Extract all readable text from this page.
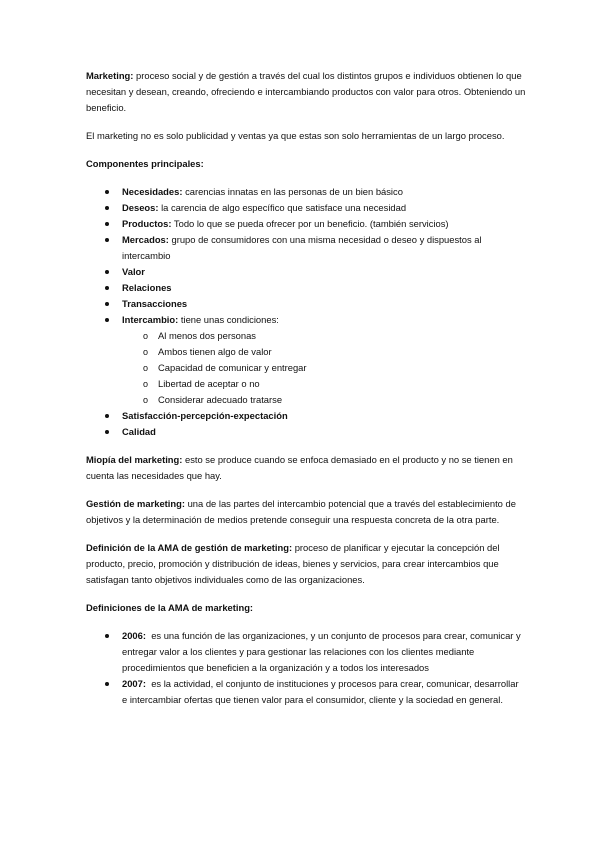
Marketing: proceso social y de gestión a través del cual los distintos grupos e individuos obtienen lo que necesitan y desean, creando, ofreciendo e intercambiando productos con valor para otros. Obteniendo un beneficio.

El marketing no es solo publicidad y ventas ya que estas son solo herramientas de un largo proceso.

Componentes principales:

Necesidades: carencias innatas en las personas de un bien básico
Deseos: la carencia de algo específico que satisface una necesidad
Productos: Todo lo que se pueda ofrecer por un beneficio. (también servicios)
Mercados: grupo de consumidores con una misma necesidad o deseo y dispuestos al intercambio
Valor
Relaciones
Transacciones
Intercambio: tiene unas condiciones:
o Al menos dos personas
o Ambos tienen algo de valor
o Capacidad de comunicar y entregar
o Libertad de aceptar o no
o Considerar adecuado tratarse
Satisfacción-percepción-expectación
Calidad

Miopía del marketing: esto se produce cuando se enfoca demasiado en el producto y no se tienen en cuenta las necesidades que hay.

Gestión de marketing: una de las partes del intercambio potencial que a través del establecimiento de objetivos y la determinación de medios pretende conseguir una respuesta concreta de la otra parte.

Definición de la AMA de gestión de marketing: proceso de planificar y ejecutar la concepción del producto, precio, promoción y distribución de ideas, bienes y servicios, para crear intercambios que satisfagan tanto objetivos individuales como de las organizaciones.

Definiciones de la AMA de marketing:

2006: es una función de las organizaciones, y un conjunto de procesos para crear, comunicar y entregar valor a los clientes y para gestionar las relaciones con los clientes mediante procedimientos que beneficien a la organización y a todos los interesados
2007: es la actividad, el conjunto de instituciones y procesos para crear, comunicar, desarrollar e intercambiar ofertas que tienen valor para el consumidor, cliente y la sociedad en general.
